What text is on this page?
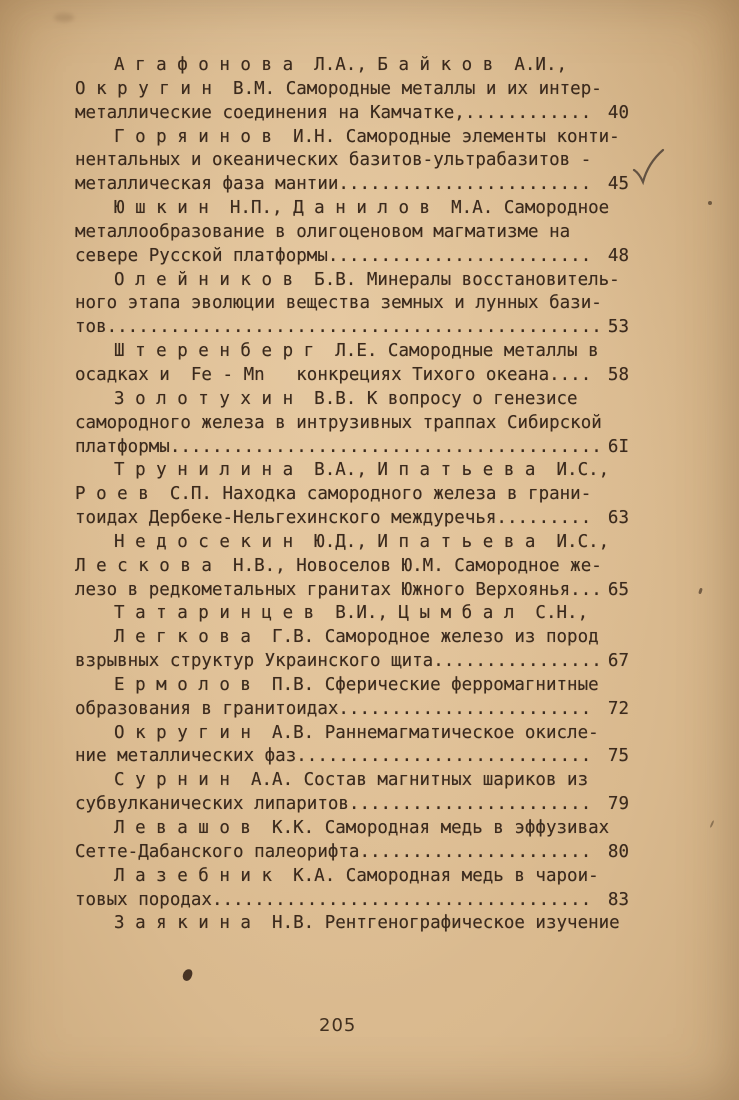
А г а ф о н о в а  Л.А., Б а й к о в  А.И.,
О к р у г и н  В.М. Самородные металлы и их интер-
металлические соединения на Камчатке,............ 40
Г о р я и н о в  И.Н. Самородные элементы конти-
нентальных и океанических базитов-ультрабазитов -
металлическая фаза мантии........................ 45
Ю ш к и н  Н.П., Д а н и л о в  М.А. Самородное
металлообразование в олигоценовом магматизме на
севере Русской платформы......................... 48
О л е й н и к о в  Б.В. Минералы восстановитель-
ного этапа эволюции вещества земных и лунных бази-
тов............................................... 53
Ш т е р е н б е р г  Л.Е. Самородные металлы в
осадках и  Fe - Mn   конкрециях Тихого океана.... 58
З о л о т у х и н  В.В. К вопросу о генезисе
самородного железа в интрузивных траппах Сибирской
платформы......................................... 6I
Т р у н и л и н а  В.А., И п а т ь е в а  И.С.,
Р о е в  С.П. Находка самородного железа в грани-
тоидах Дербеке-Нельгехинского междуречья......... 63
Н е д о с е к и н  Ю.Д., И п а т ь е в а  И.С.,
Л е с к о в а  Н.В., Новоселов Ю.М. Самородное же-
лезо в редкометальных гранитах Южного Верхоянья... 65
Т а т а р и н ц е в  В.И., Ц ы м б а л  С.Н.,
Л е г к о в а  Г.В. Самородное железо из пород
взрывных структур Украинского щита................ 67
Е р м о л о в  П.В. Сферические ферромагнитные
образования в гранитоидах........................ 72
О к р у г и н  А.В. Раннемагматическое окисле-
ние металлических фаз............................ 75
С у р н и н  А.А. Состав магнитных шариков из
субвулканических липаритов....................... 79
Л е в а ш о в  К.К. Самородная медь в эффузивах
Сетте-Дабанского палеорифта...................... 80
Л а з е б н и к  К.А. Самородная медь в чарои-
товых породах.................................... 83
З а я к и н а  Н.В. Рентгенографическое изучение
205
